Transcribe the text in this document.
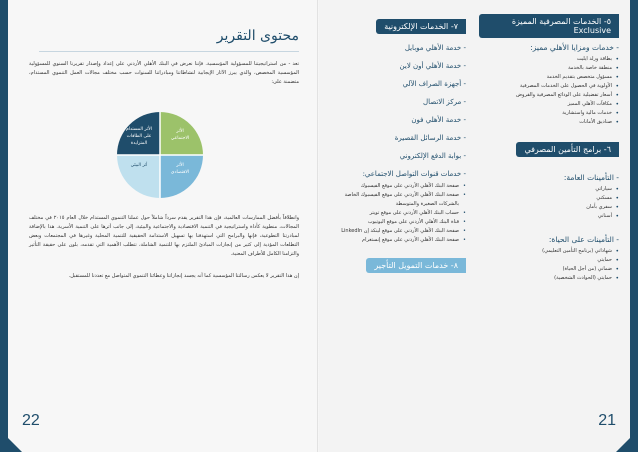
محتوى التقرير
تعد - من استراتيجيتنا للمسؤولية المؤسسية. فإننا نعرض في البنك الأهلي الأردني على إعداد وإصدار تقريرنا السنوي للمسؤولية المؤسسية المخصص، والذي يبرز الآثار الإيجابية لنشاطاتنا ومبادراتنا للسنوات حسب مختلف مجالات العمل التنموي المستدام، متضمنة على:
الأثر المستدام على الطاقات المتزايدة
الأثر الاجتماعي
أثر البيئي	الأثر الاقتصادي
وانطلاقاً بأفضل الممارسات العالمية، فإن هذا التقرير يقدم سرداً شاملاً حول عملنا التنموي المستدام خلال العام ٢٠١٥ في مختلف المجالات، منطوية كأداة واستراتيجية في التنمية الاقتصادية والاجتماعية والبيئية، إلى جانب أثرها على التنمية الأسرية. هذا بالإضافة لمبادرتنا التطوعية، فإنها والبرامج التي استهدفنا بها تسهيل الاستدامة الحقيقية للتنمية المحلية وغيرها في المجتمعات وبعض التطلعات المؤدية إلى كثير من إنجازات المبادئ الملتزم بها للتنمية الشاملة، تتطلب الأهمية التي تقدمه، بلون على حقيقة التأثير والتزامنا الكامل للأطراف المعنية.
إن هذا التقرير لا يعكس رسالتنا المؤسسية كما أنه يجسد إنجازاتنا وعطائنا التنموي المتواصل مع تعددنا للمستقبل.
22
٧- الخدمات الإلكترونية
- خدمة الأهلي موبايل
- خدمة الأهلي أون لاين
- أجهزة الصراف الآلي
- مركز الاتصال
- خدمة الأهلي فون
- خدمة الرسائل القصيرة
- بوابة الدفع الإلكتروني
- خدمات قنوات التواصل الاجتماعي:
• صفحة البنك الأهلي الأردني على موقع الفيسبوك
• صفحة البنك الأهلي الأردني على موقع الفيسبوك الخاصة بالشركات الصغيرة والمتوسطة
• حساب البنك الأهلي الأردني على موقع تويتر
• قناة البنك الأهلي الأردني على موقع اليوتيوب
• صفحة البنك الأهلي الأردني على موقع لينكد إن LinkedIn
• صفحة البنك الأهلي الأردني على موقع إنستغرام
٨- خدمات التمويل التأجير
٥- الخدمات المصرفية المميزة Exclusive
- خدمات ومزايا الأهلي مميز:
• بطاقة ورلد ايليت
• منطقة خاصة بالخدمة
• مسؤول متخصص بتقديم الخدمة
• الأولوية في الحصول على الخدمات المصرفية
• أسعار تفضيلية على الودائع المصرفية والقروض
• مكافآت الأهلي المميز
• خدمات مالية واستشارية
• صناديق الأمانات
٦- برامج التأمين المصرفي
- التأمينات العامة:
• سياراتي
• مسكني
• سفري بأمان
• أسناني
- التأمينات على الحياة:
• شهاداتي (برنامج التأمين التعليمي)
• حمايتي
• ضماني (من أجل الحياة)
• حمايتي (الحوادث الشخصية)
21
